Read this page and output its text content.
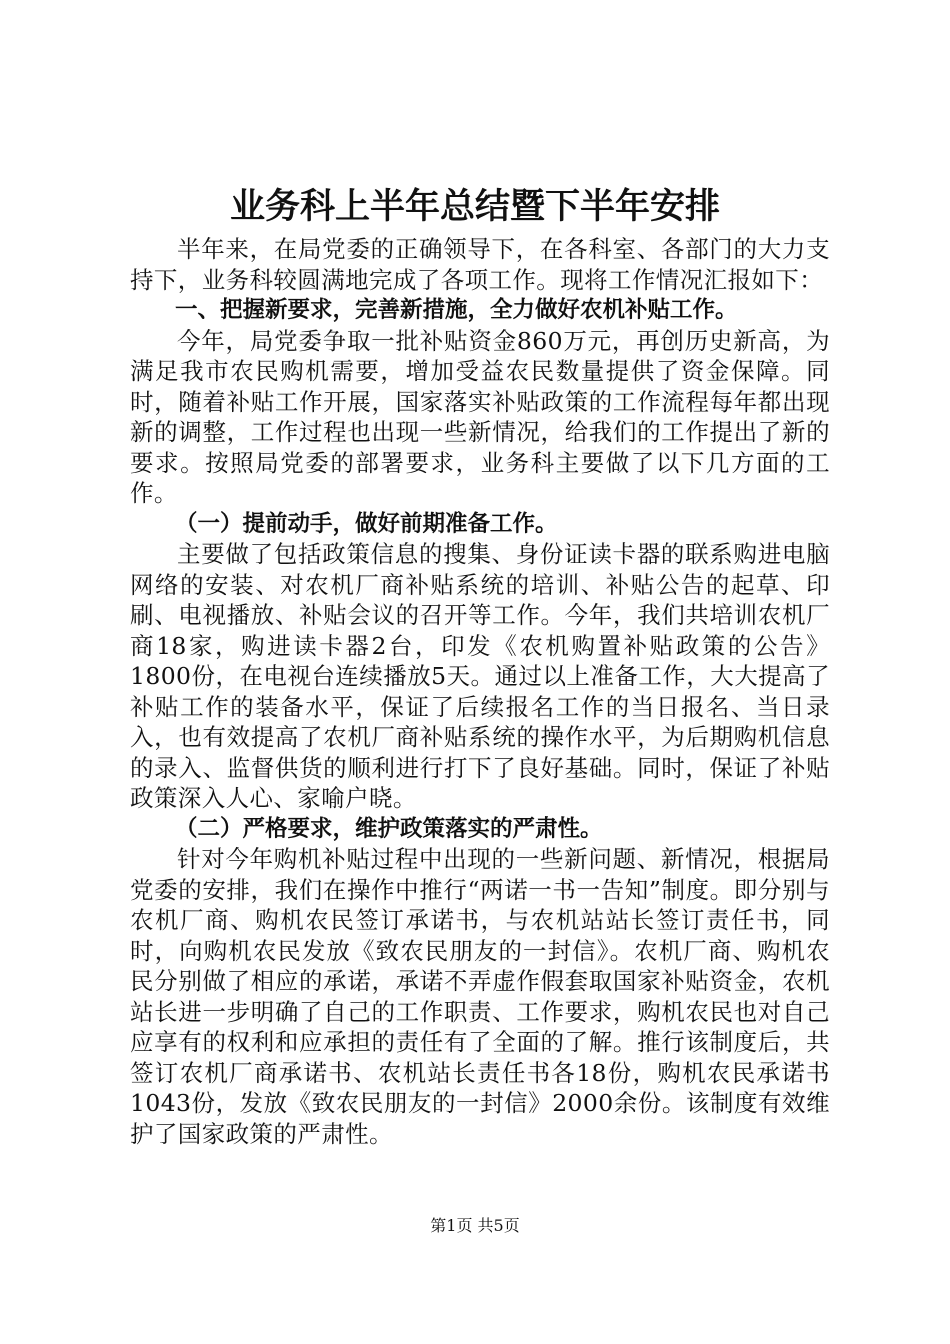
业务科上半年总结暨下半年安排

半年来，在局党委的正确领导下，在各科室、各部门的大力支持下，业务科较圆满地完成了各项工作。现将工作情况汇报如下：

一、把握新要求，完善新措施，全力做好农机补贴工作。

今年，局党委争取一批补贴资金860万元，再创历史新高，为满足我市农民购机需要，增加受益农民数量提供了资金保障。同时，随着补贴工作开展，国家落实补贴政策的工作流程每年都出现新的调整，工作过程也出现一些新情况，给我们的工作提出了新的要求。按照局党委的部署要求，业务科主要做了以下几方面的工作。

（一）提前动手，做好前期准备工作。

主要做了包括政策信息的搜集、身份证读卡器的联系购进电脑网络的安装、对农机厂商补贴系统的培训、补贴公告的起草、印刷、电视播放、补贴会议的召开等工作。今年，我们共培训农机厂商18家，购进读卡器2台，印发《农机购置补贴政策的公告》1800份，在电视台连续播放5天。通过以上准备工作，大大提高了补贴工作的装备水平，保证了后续报名工作的当日报名、当日录入，也有效提高了农机厂商补贴系统的操作水平，为后期购机信息的录入、监督供货的顺利进行打下了良好基础。同时，保证了补贴政策深入人心、家喻户晓。

（二）严格要求，维护政策落实的严肃性。

针对今年购机补贴过程中出现的一些新问题、新情况，根据局党委的安排，我们在操作中推行“两诺一书一告知”制度。即分别与农机厂商、购机农民签订承诺书，与农机站站长签订责任书，同时，向购机农民发放《致农民朋友的一封信》。农机厂商、购机农民分别做了相应的承诺，承诺不弄虚作假套取国家补贴资金，农机站长进一步明确了自己的工作职责、工作要求，购机农民也对自己应享有的权利和应承担的责任有了全面的了解。推行该制度后，共签订农机厂商承诺书、农机站长责任书各18份，购机农民承诺书1043份，发放《致农民朋友的一封信》2000余份。该制度有效维护了国家政策的严肃性。

第1页 共5页
